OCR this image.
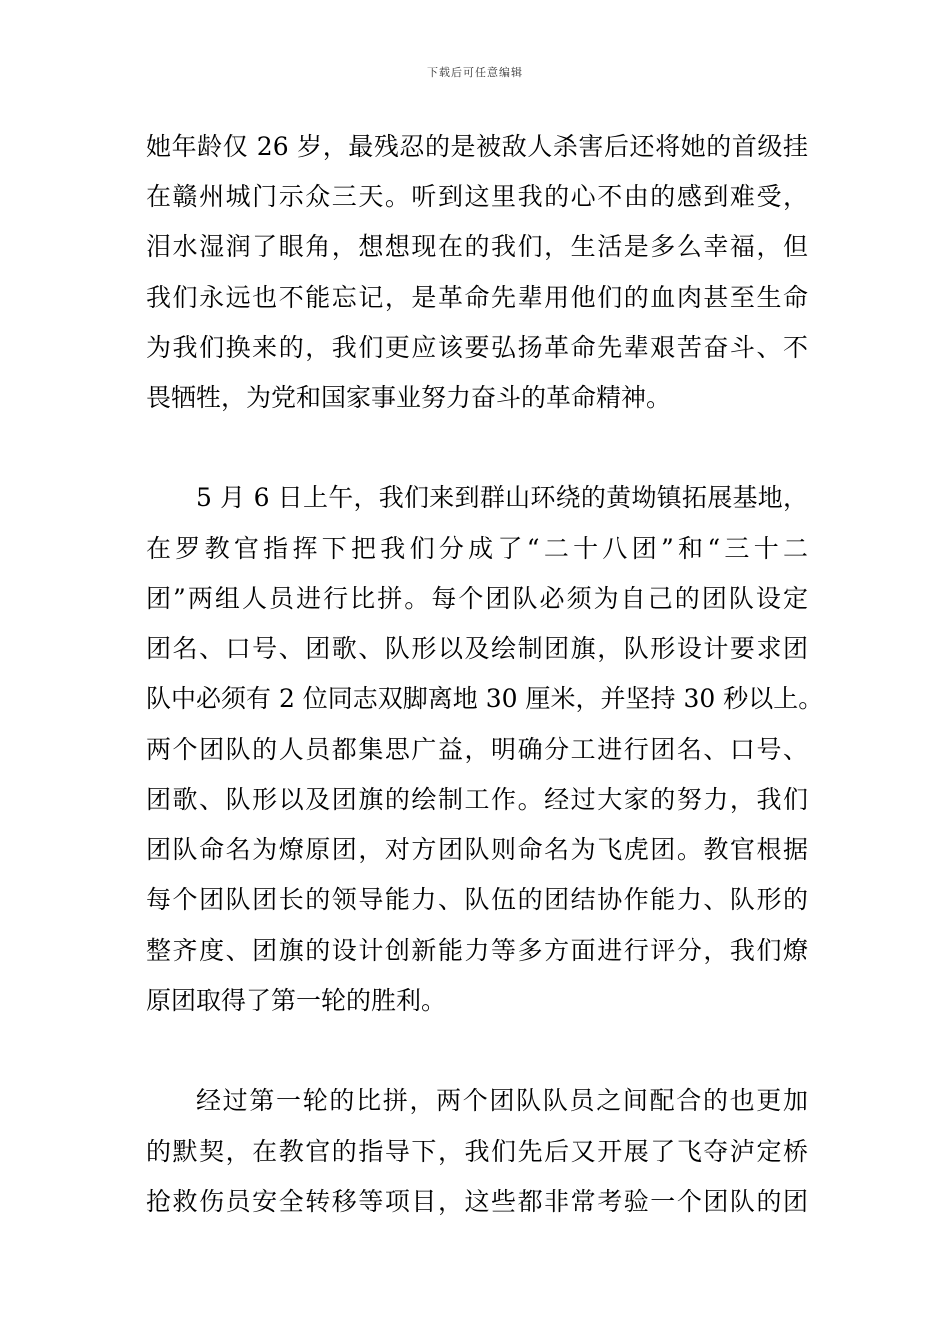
下载后可任意编辑
她年龄仅 26 岁，最残忍的是被敌人杀害后还将她的首级挂
在赣州城门示众三天。听到这里我的心不由的感到难受，
泪水湿润了眼角，想想现在的我们，生活是多么幸福，但
我们永远也不能忘记，是革命先辈用他们的血肉甚至生命
为我们换来的，我们更应该要弘扬革命先辈艰苦奋斗、不
畏牺牲，为党和国家事业努力奋斗的革命精神。
5 月 6 日上午，我们来到群山环绕的黄坳镇拓展基地，
在罗教官指挥下把我们分成了“二十八团”和“三十二
团”两组人员进行比拼。每个团队必须为自己的团队设定
团名、口号、团歌、队形以及绘制团旗，队形设计要求团
队中必须有 2 位同志双脚离地 30 厘米，并坚持 30 秒以上。
两个团队的人员都集思广益，明确分工进行团名、口号、
团歌、队形以及团旗的绘制工作。经过大家的努力，我们
团队命名为燎原团，对方团队则命名为飞虎团。教官根据
每个团队团长的领导能力、队伍的团结协作能力、队形的
整齐度、团旗的设计创新能力等多方面进行评分，我们燎
原团取得了第一轮的胜利。
经过第一轮的比拼，两个团队队员之间配合的也更加
的默契，在教官的指导下，我们先后又开展了飞夺泸定桥
抢救伤员安全转移等项目，这些都非常考验一个团队的团
